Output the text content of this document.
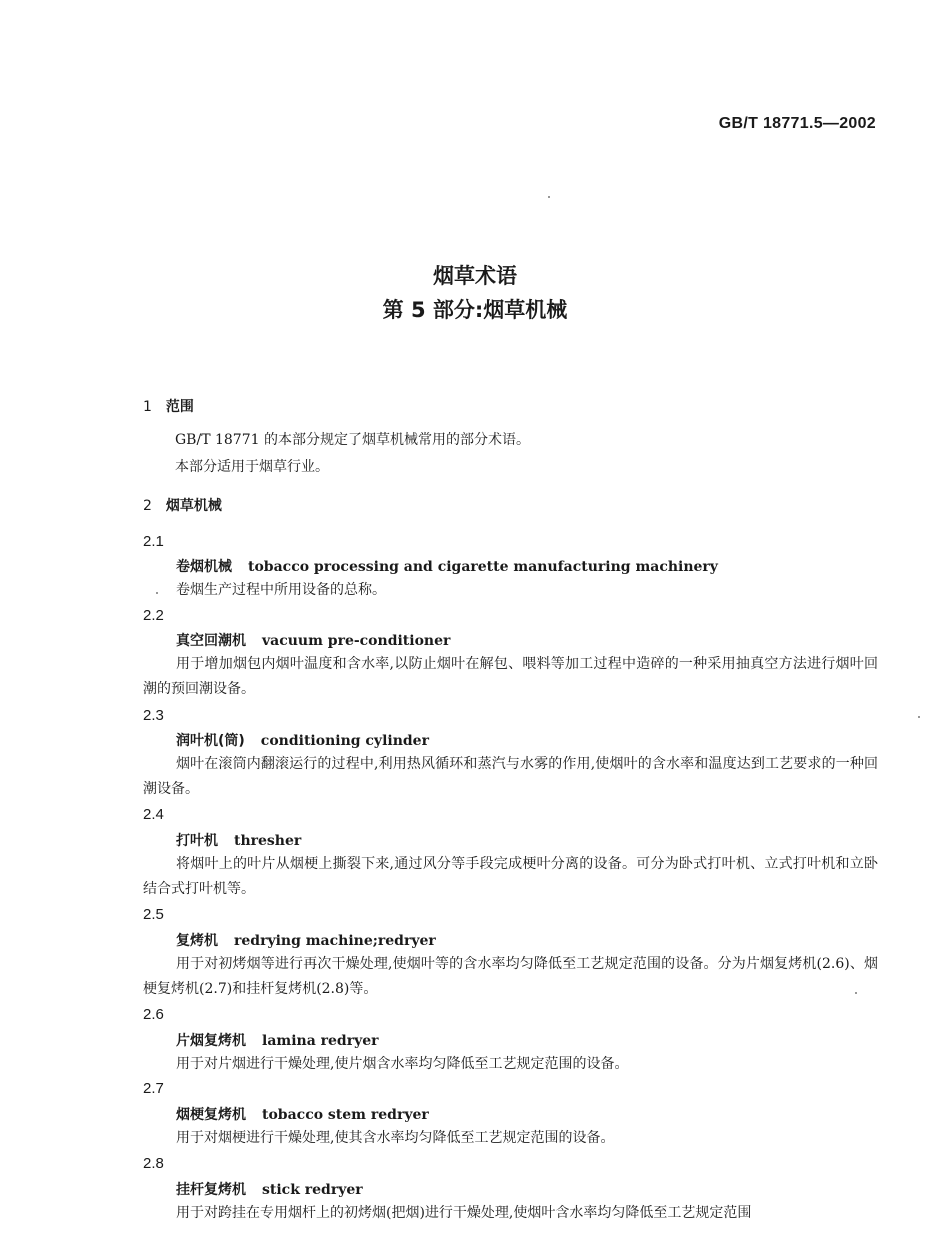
GB/T 18771.5—2002
烟草术语
第 5 部分:烟草机械
1 范围
GB/T 18771 的本部分规定了烟草机械常用的部分术语。
本部分适用于烟草行业。
2 烟草机械
2.1
卷烟机械 tobacco processing and cigarette manufacturing machinery
卷烟生产过程中所用设备的总称。
2.2
真空回潮机 vacuum pre-conditioner
用于增加烟包内烟叶温度和含水率,以防止烟叶在解包、喂料等加工过程中造碎的一种采用抽真空方法进行烟叶回潮的预回潮设备。
2.3
润叶机(筒) conditioning cylinder
烟叶在滚筒内翻滚运行的过程中,利用热风循环和蒸汽与水雾的作用,使烟叶的含水率和温度达到工艺要求的一种回潮设备。
2.4
打叶机 thresher
将烟叶上的叶片从烟梗上撕裂下来,通过风分等手段完成梗叶分离的设备。可分为卧式打叶机、立式打叶机和立卧结合式打叶机等。
2.5
复烤机 redrying machine;redryer
用于对初烤烟等进行再次干燥处理,使烟叶等的含水率均匀降低至工艺规定范围的设备。分为片烟复烤机(2.6)、烟梗复烤机(2.7)和挂杆复烤机(2.8)等。
2.6
片烟复烤机 lamina redryer
用于对片烟进行干燥处理,使片烟含水率均匀降低至工艺规定范围的设备。
2.7
烟梗复烤机 tobacco stem redryer
用于对烟梗进行干燥处理,使其含水率均匀降低至工艺规定范围的设备。
2.8
挂杆复烤机 stick redryer
用于对跨挂在专用烟杆上的初烤烟(把烟)进行干燥处理,使烟叶含水率均匀降低至工艺规定范围
